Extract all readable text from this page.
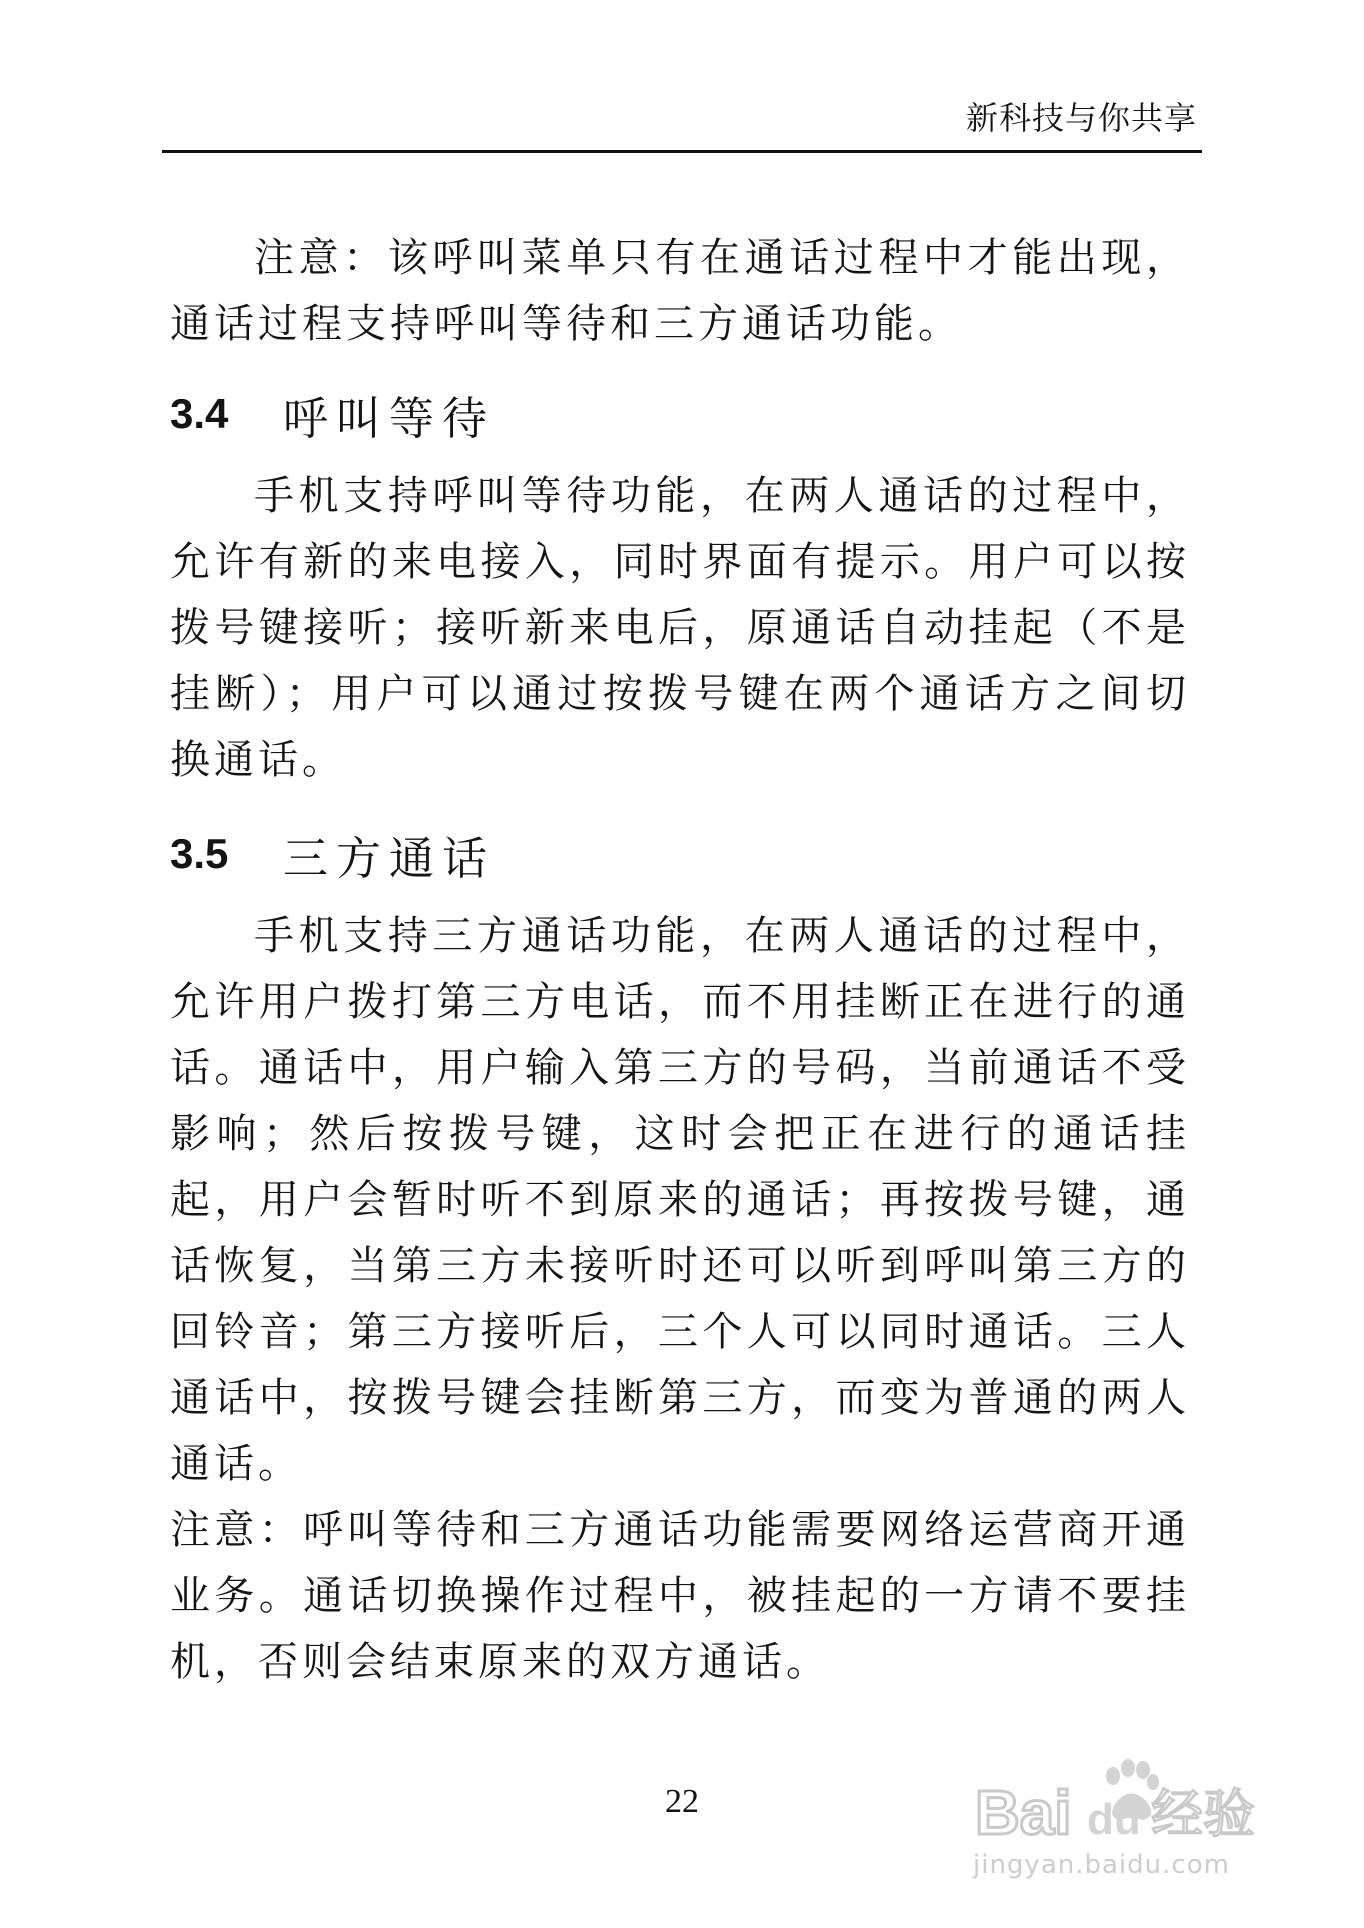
新科技与你共享

注意：该呼叫菜单只有在通话过程中才能出现，通话过程支持呼叫等待和三方通话功能。

3.4	呼叫等待

手机支持呼叫等待功能，在两人通话的过程中，允许有新的来电接入，同时界面有提示。用户可以按拨号键接听；接听新来电后，原通话自动挂起（不是挂断）；用户可以通过按拨号键在两个通话方之间切换通话。

3.5	三方通话

手机支持三方通话功能，在两人通话的过程中，允许用户拨打第三方电话，而不用挂断正在进行的通话。通话中，用户输入第三方的号码，当前通话不受影响；然后按拨号键，这时会把正在进行的通话挂起，用户会暂时听不到原来的通话；再按拨号键，通话恢复，当第三方未接听时还可以听到呼叫第三方的回铃音；第三方接听后，三个人可以同时通话。三人通话中，按拨号键会挂断第三方，而变为普通的两人通话。

注意：呼叫等待和三方通话功能需要网络运营商开通业务。通话切换操作过程中，被挂起的一方请不要挂机，否则会结束原来的双方通话。

22	Bai du 经验
jingyan.baidu.com
